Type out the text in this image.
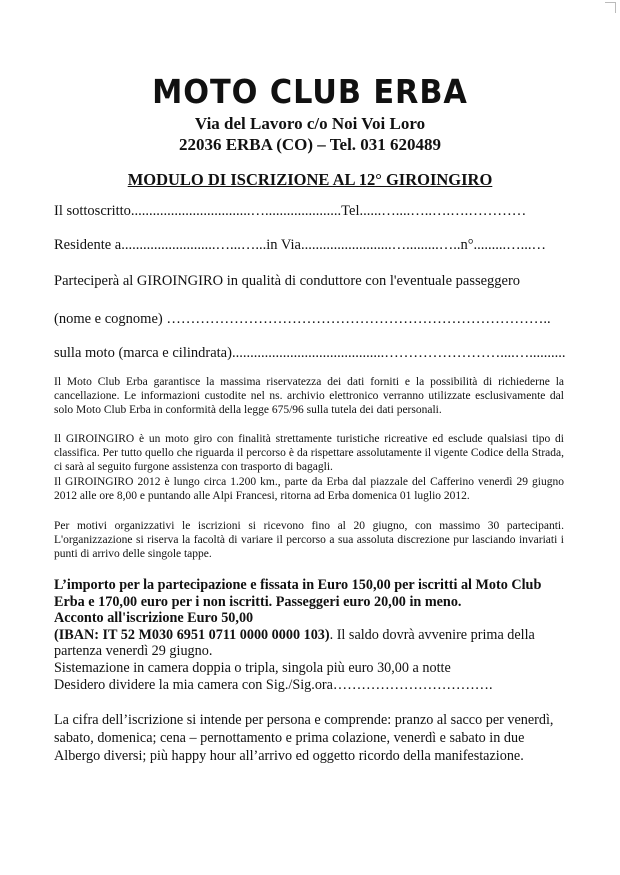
MOTO CLUB ERBA
Via del Lavoro c/o Noi Voi Loro
22036 ERBA (CO) – Tel. 031 620489
MODULO DI ISCRIZIONE AL 12° GIROINGIRO
Il sottoscritto.................................….....................Tel......…....…..….….…………
Residente a..........................…...…...in Via.........................….........…..n°.........…...…
Parteciperà al GIROINGIRO in qualità di conduttore con l'eventuale passeggero
(nome e cognome) ……………………………………………………………………..
sulla moto (marca e cilindrata)..........................................……………………....…..........

Il Moto Club Erba garantisce la massima riservatezza dei dati forniti e la possibilità di richiederne la cancellazione. Le informazioni custodite nel ns. archivio elettronico verranno utilizzate esclusivamente dal solo Moto Club Erba in conformità della legge 675/96 sulla tutela dei dati personali.

Il GIROINGIRO è un moto giro con finalità strettamente turistiche ricreative ed esclude qualsiasi tipo di classifica. Per tutto quello che riguarda il percorso è da rispettare assolutamente il vigente Codice della Strada, ci sarà al seguito furgone assistenza con trasporto di bagagli.

Il GIROINGIRO 2012 è lungo circa 1.200 km., parte da Erba dal piazzale del Cafferino venerdì 29 giugno 2012 alle ore 8,00 e puntando alle Alpi Francesi, ritorna ad Erba domenica 01 luglio 2012.

Per motivi organizzativi le iscrizioni si ricevono fino al 20 giugno, con massimo 30 partecipanti. L'organizzazione si riserva la facoltà di variare il percorso a sua assoluta discrezione pur lasciando invariati i punti di arrivo delle singole tappe.

L’importo per la partecipazione e fissata in Euro 150,00 per iscritti al Moto Club
Erba e 170,00 euro per i non iscritti. Passeggeri euro 20,00 in meno.
Acconto all'iscrizione Euro 50,00
(IBAN: IT 52 M030 6951 0711 0000 0000 103). Il saldo dovrà avvenire prima della
partenza venerdì 29 giugno.
Sistemazione in camera doppia o tripla, singola più euro 30,00 a notte
Desidero dividere la mia camera con Sig./Sig.ora…………………………….
La cifra dell’iscrizione si intende per persona e comprende: pranzo al sacco per venerdì,
sabato, domenica; cena – pernottamento e prima colazione, venerdì e sabato in due
Albergo diversi; più happy hour all’arrivo ed oggetto ricordo della manifestazione.
